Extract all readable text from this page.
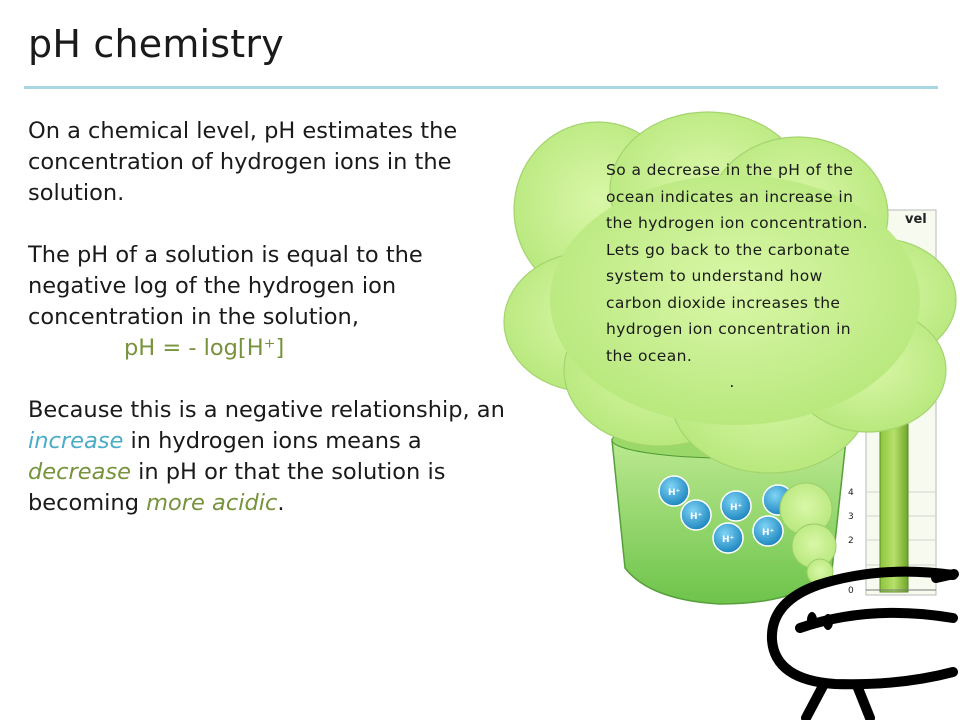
pH chemistry

On a chemical level, pH estimates the concentration of hydrogen ions in the solution.

The pH of a solution is equal to the negative log of the hydrogen ion concentration in the solution,

pH = - log[H⁺]

Because this is a negative relationship, an increase in hydrogen ions means a decrease in pH or that the solution is becoming more acidic.

vel
4
3
2
0
H⁺
H⁺
H⁺
H⁺
H⁺
So a decrease in the pH of the ocean indicates an increase in the hydrogen ion concentration. Lets go back to the carbonate system to understand how carbon dioxide increases the hydrogen ion concentration in the ocean.
.
